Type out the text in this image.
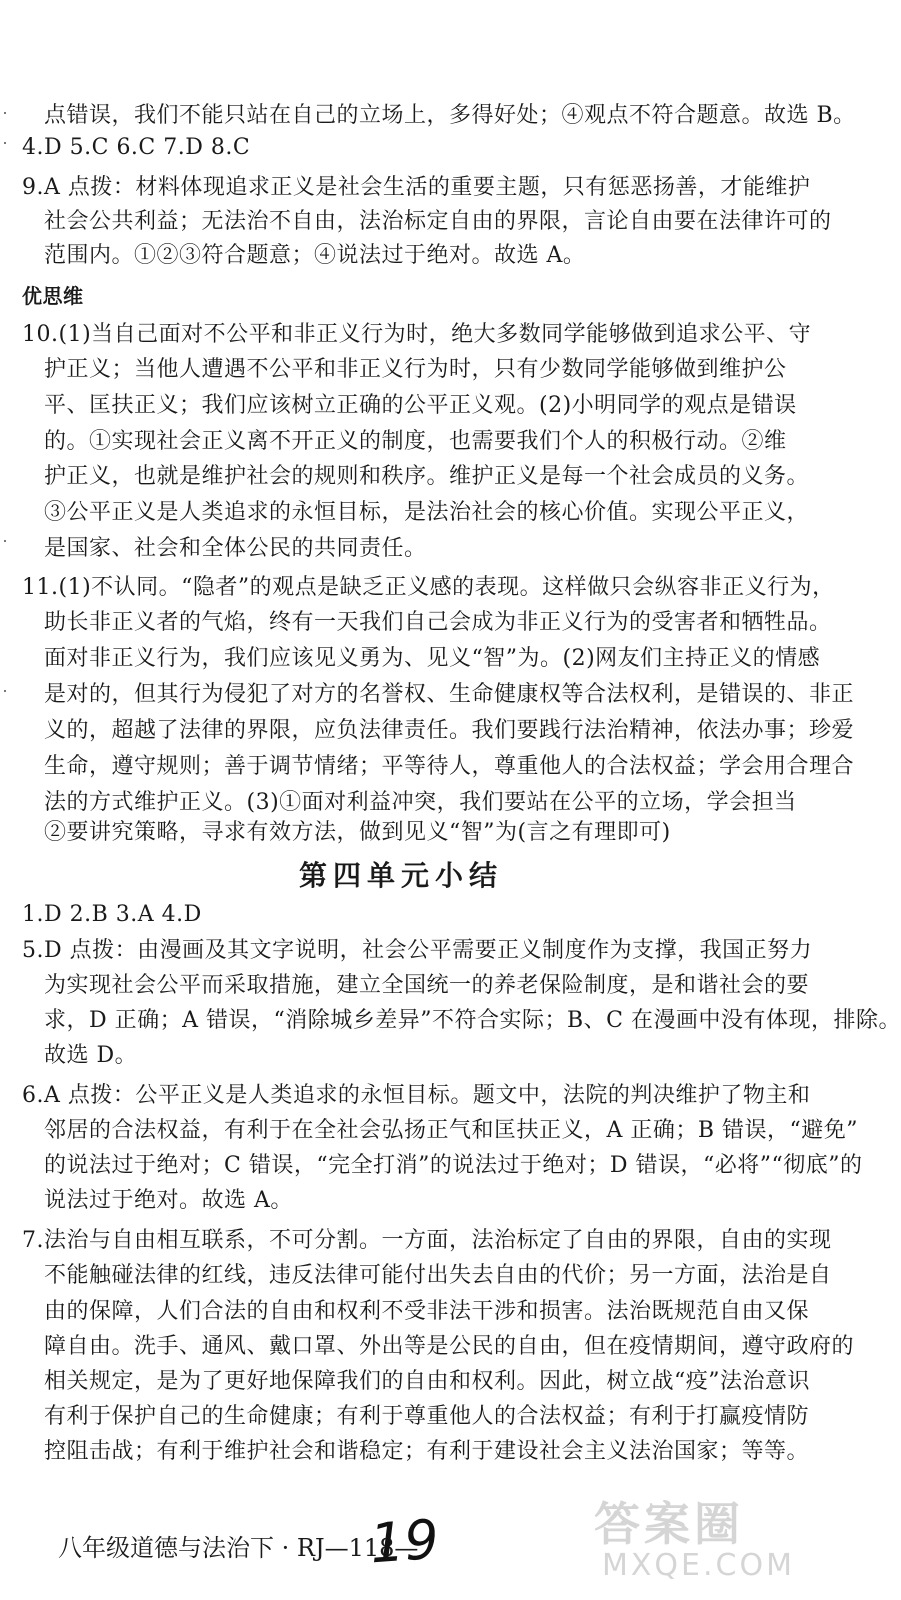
点错误，我们不能只站在自己的立场上，多得好处；④观点不符合题意。故选 B。
4.D 5.C 6.C 7.D 8.C
9.A 点拨：材料体现追求正义是社会生活的重要主题，只有惩恶扬善，才能维护
社会公共利益；无法治不自由，法治标定自由的界限，言论自由要在法律许可的
范围内。①②③符合题意；④说法过于绝对。故选 A。
优思维
10.(1)当自己面对不公平和非正义行为时，绝大多数同学能够做到追求公平、守
护正义；当他人遭遇不公平和非正义行为时，只有少数同学能够做到维护公
平、匡扶正义；我们应该树立正确的公平正义观。(2)小明同学的观点是错误
的。①实现社会正义离不开正义的制度，也需要我们个人的积极行动。②维
护正义，也就是维护社会的规则和秩序。维护正义是每一个社会成员的义务。
③公平正义是人类追求的永恒目标，是法治社会的核心价值。实现公平正义，
是国家、社会和全体公民的共同责任。
11.(1)不认同。“隐者”的观点是缺乏正义感的表现。这样做只会纵容非正义行为，
助长非正义者的气焰，终有一天我们自己会成为非正义行为的受害者和牺牲品。
面对非正义行为，我们应该见义勇为、见义“智”为。(2)网友们主持正义的情感
是对的，但其行为侵犯了对方的名誉权、生命健康权等合法权利，是错误的、非正
义的，超越了法律的界限，应负法律责任。我们要践行法治精神，依法办事；珍爱
生命，遵守规则；善于调节情绪；平等待人，尊重他人的合法权益；学会用合理合
法的方式维护正义。(3)①面对利益冲突，我们要站在公平的立场，学会担当
②要讲究策略，寻求有效方法，做到见义“智”为(言之有理即可)
第四单元小结
1.D 2.B 3.A 4.D
5.D 点拨：由漫画及其文字说明，社会公平需要正义制度作为支撑，我国正努力
为实现社会公平而采取措施，建立全国统一的养老保险制度，是和谐社会的要
求，D 正确；A 错误，“消除城乡差异”不符合实际；B、C 在漫画中没有体现，排除。
故选 D。
6.A 点拨：公平正义是人类追求的永恒目标。题文中，法院的判决维护了物主和
邻居的合法权益，有利于在全社会弘扬正气和匡扶正义，A 正确；B 错误，“避免”
的说法过于绝对；C 错误，“完全打消”的说法过于绝对；D 错误，“必将”“彻底”的
说法过于绝对。故选 A。
7.法治与自由相互联系，不可分割。一方面，法治标定了自由的界限，自由的实现
不能触碰法律的红线，违反法律可能付出失去自由的代价；另一方面，法治是自
由的保障，人们合法的自由和权利不受非法干涉和损害。法治既规范自由又保
障自由。洗手、通风、戴口罩、外出等是公民的自由，但在疫情期间，遵守政府的
相关规定，是为了更好地保障我们的自由和权利。因此，树立战“疫”法治意识
有利于保护自己的生命健康；有利于尊重他人的合法权益；有利于打赢疫情防
控阻击战；有利于维护社会和谐稳定；有利于建设社会主义法治国家；等等。
八年级道德与法治下 · RJ—118—
19	答案圈
MXQE.COM
